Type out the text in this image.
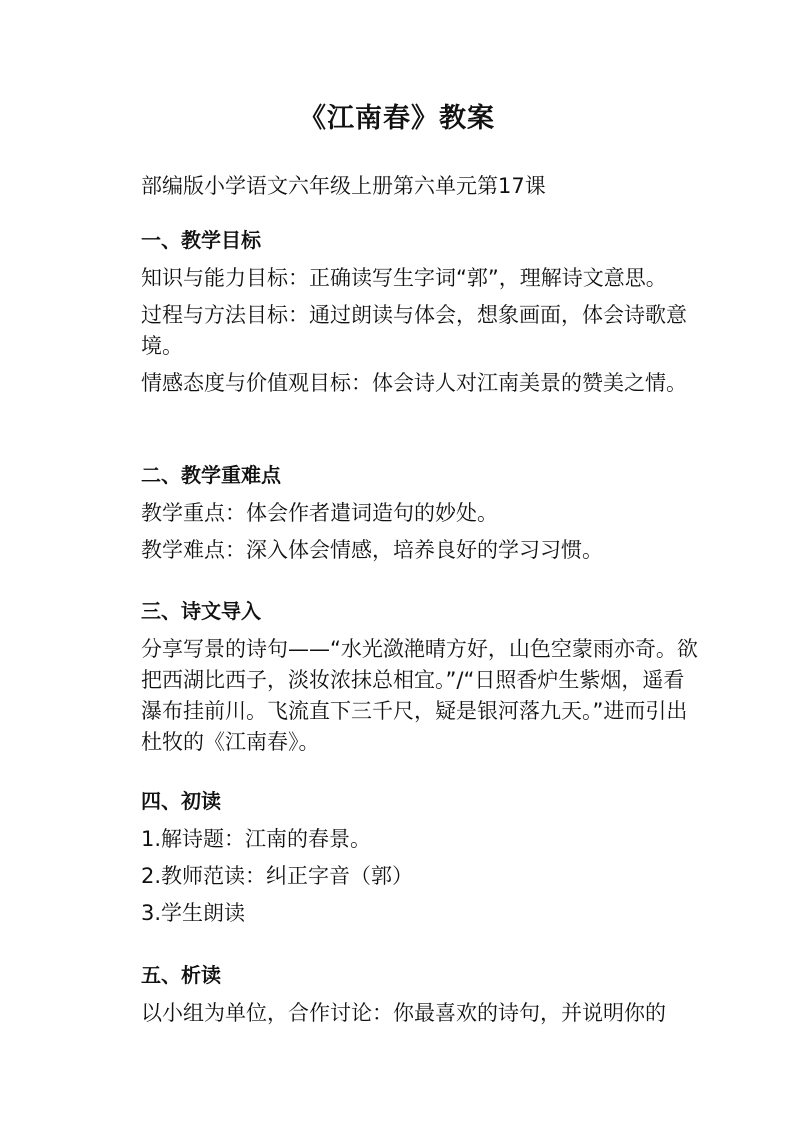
《江南春》教案

部编版小学语文六年级上册第六单元第17课

一、教学目标

知识与能力目标：正确读写生字词“郭”，理解诗文意思。

过程与方法目标：通过朗读与体会，想象画面，体会诗歌意境。

情感态度与价值观目标：体会诗人对江南美景的赞美之情。

二、教学重难点

教学重点：体会作者遣词造句的妙处。

教学难点：深入体会情感，培养良好的学习习惯。

三、诗文导入

分享写景的诗句——“水光潋滟晴方好，山色空蒙雨亦奇。欲把西湖比西子，淡妆浓抹总相宜。”/“日照香炉生紫烟，遥看瀑布挂前川。飞流直下三千尺，疑是银河落九天。”进而引出杜牧的《江南春》。

四、初读

1.解诗题：江南的春景。

2.教师范读：纠正字音（郭）

3.学生朗读

五、析读

以小组为单位，合作讨论：你最喜欢的诗句，并说明你的
